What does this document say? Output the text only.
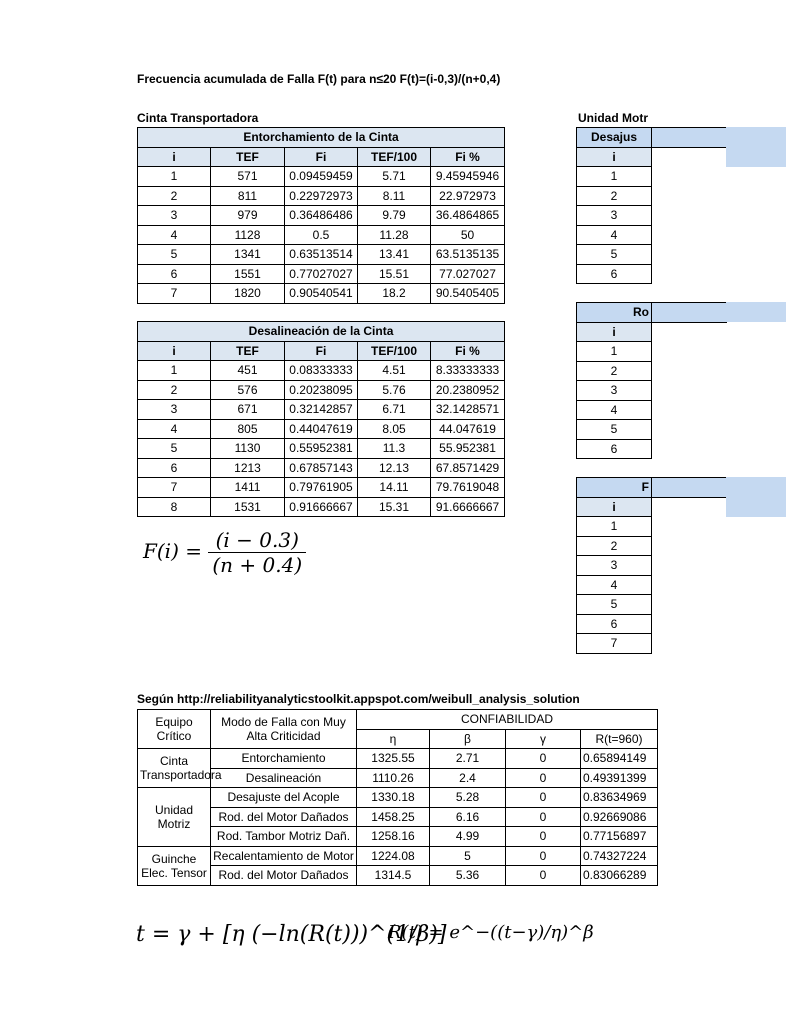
Frecuencia acumulada de Falla F(t) para n≤20 F(t)=(i-0,3)/(n+0,4)
Cinta Transportadora
Entorchamiento de la Cinta				
i	TEF	Fi	TEF/100	Fi %
1	571	0.09459459	5.71	9.45945946
2	811	0.22972973	8.11	22.972973
3	979	0.36486486	9.79	36.4864865
4	1128	0.5	11.28	50
5	1341	0.63513514	13.41	63.5135135
6	1551	0.77027027	15.51	77.027027
7	1820	0.90540541	18.2	90.5405405
Desalineación de la Cinta				
i	TEF	Fi	TEF/100	Fi %
1	451	0.08333333	4.51	8.33333333
2	576	0.20238095	5.76	20.2380952
3	671	0.32142857	6.71	32.1428571
4	805	0.44047619	8.05	44.047619
5	1130	0.55952381	11.3	55.952381
6	1213	0.67857143	12.13	67.8571429
7	1411	0.79761905	14.11	79.7619048
8	1531	0.91666667	15.31	91.6666667
$F(i) = \frac{(i - 0.3)}{(n + 0.4)}$
Unidad Motr
Desajus	
i	
1	
2	
3	
4	
5	
6	
Ro	
i	
1	
2	
3	
4	
5	
6	
F	
i	
1	
2	
3	
4	
5	
6	
7	
Según http://reliabilityanalyticstoolkit.appspot.com/weibull_analysis_solution
Equipo Crítico	Modo de Falla con Muy Alta Criticidad	CONFIABILIDAD			
		η	β	γ	R(t=960)
Cinta Transportadora	Entorchamiento	1325.55	2.71	0	0.65894149
	Desalineación	1110.26	2.4	0	0.49391399
Unidad Motriz	Desajuste del Acople	1330.18	5.28	0	0.83634969
	Rod. del Motor Dañados	1458.25	6.16	0	0.92669086
	Rod. Tambor Motriz Dañ.	1258.16	4.99	0	0.77156897
Guinche Elec. Tensor	Recalentamiento de Motor	1224.08	5	0	0.74327224
	Rod. del Motor Dañados	1314.5	5.36	0	0.83066289
t = γ + [η (−ln(R(t)))^(1/β)]
R(t) = e^−((t−γ)/η)^β
